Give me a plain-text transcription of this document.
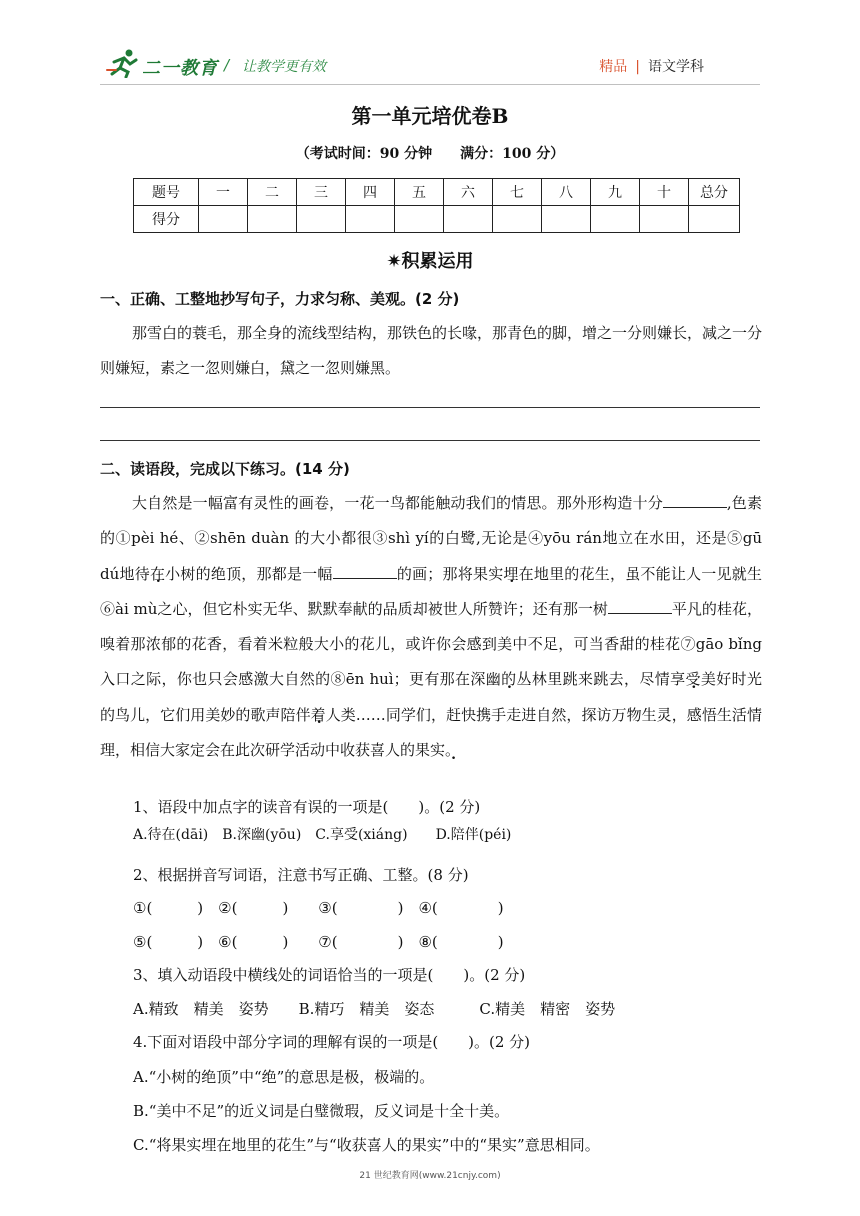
二一教育 / 让教学更有效	精品 | 语文学科
第一单元培优卷B
（考试时间：90 分钟　　满分：100 分）
题号	一	二	三	四	五	六	七	八	九	十	总分
得分											
✷积累运用
一、正确、工整地抄写句子，力求匀称、美观。(2 分)
那雪白的蓑毛，那全身的流线型结构，那铁色的长喙，那青色的脚，增之一分则嫌长，减之一分则嫌短，素之一忽则嫌白，黛之一忽则嫌黑。
二、读语段，完成以下练习。(14 分)
大自然是一幅富有灵性的画卷，一花一鸟都能触动我们的情思。那外形构造十分	,色素的①pèi hé、②shēn duàn 的大小都很③shì yí的白鹭,无论是④yōu rán地立在水田，还是⑤gū dú地待在小树的绝顶，那都是一幅	的画；那将果实埋在地里的花生，虽不能让人一见就生⑥ài mù之心，但它朴实无华、默默奉献的品质却被世人所赞许；还有那一树	平凡的桂花，嗅着那浓郁的花香，看着米粒般大小的花儿，或许你会感到美中不足，可当香甜的桂花⑦gāo bǐng 入口之际，你也只会感激大自然的⑧ēn huì；更有那在深幽的丛林里跳来跳去，尽情享受美好时光的鸟儿，它们用美妙的歌声陪伴着人类……同学们，赶快携手走进自然，探访万物生灵，感悟生活情理，相信大家定会在此次研学活动中收获喜人的果实。
1、语段中加点字的读音有误的一项是(　　)。(2 分)
A.待在(dāi)　B.深幽(yōu)　C.享受(xiáng)　　D.陪伴(péi)
2、根据拼音写词语，注意书写正确、工整。(8 分)
①(　　　)　②(　　　)　　③(　　　　)　④(　　　　)
⑤(　　　)　⑥(　　　)　　⑦(　　　　)　⑧(　　　　)
3、填入动语段中横线处的词语恰当的一项是(　　)。(2 分)
A.精致　精美　姿势　　B.精巧　精美　姿态　　　C.精美　精密　姿势
4.下面对语段中部分字词的理解有误的一项是(　　)。(2 分)
A.“小树的绝顶”中“绝”的意思是极，极端的。
B.“美中不足”的近义词是白璧微瑕，反义词是十全十美。
C.“将果实埋在地里的花生”与“收获喜人的果实”中的“果实”意思相同。
21 世纪教育网(www.21cnjy.com)
